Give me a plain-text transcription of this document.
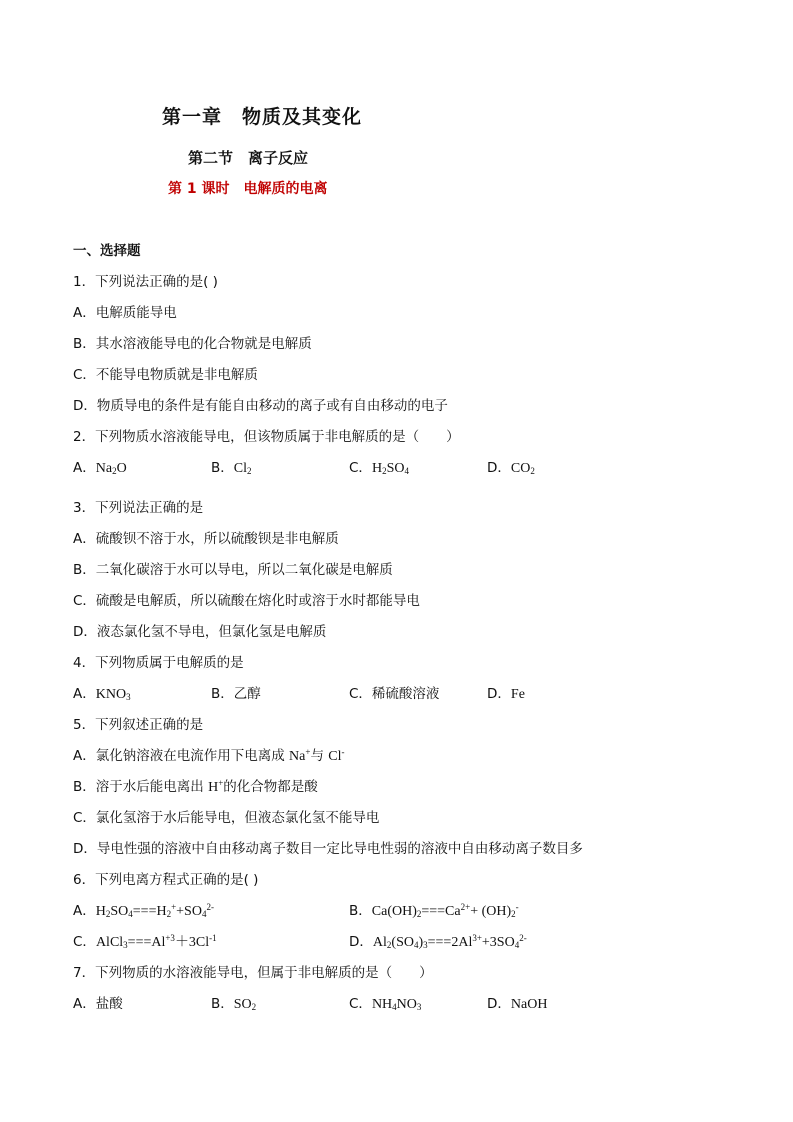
第一章　物质及其变化
第二节　离子反应
第 1 课时　电解质的电离
一、选择题
1．下列说法正确的是( )
A．电解质能导电
B．其水溶液能导电的化合物就是电解质
C．不能导电物质就是非电解质
D．物质导电的条件是有能自由移动的离子或有自由移动的电子
2．下列物质水溶液能导电，但该物质属于非电解质的是（　　）
A．$Na_2O$	B．$Cl_2$	C．$H_2SO_4$	D．$CO_2$
3．下列说法正确的是
A．硫酸钡不溶于水，所以硫酸钡是非电解质
B．二氧化碳溶于水可以导电，所以二氧化碳是电解质
C．硫酸是电解质，所以硫酸在熔化时或溶于水时都能导电
D．液态氯化氢不导电，但氯化氢是电解质
4．下列物质属于电解质的是
A．$KNO_3$	B．乙醇	C．稀硫酸溶液	D．Fe
5．下列叙述正确的是
A．氯化钠溶液在电流作用下电离成 Na+与 Cl-
B．溶于水后能电离出 H+的化合物都是酸
C．氯化氢溶于水后能导电，但液态氯化氢不能导电
D．导电性强的溶液中自由移动离子数目一定比导电性弱的溶液中自由移动离子数目多
6．下列电离方程式正确的是( )
A．$H_2SO_4===H_2^++SO_4^{2-}$	B．$Ca(OH)_2===Ca^{2+}+ (OH)_2^-$
C．$AlCl_3===Al^{+3}+3Cl^{-1}$	D．$Al_2(SO_4)_3===2Al^{3+}+3SO_4^{2-}$
7．下列物质的水溶液能导电，但属于非电解质的是（　　）
A．盐酸	B．$SO_2$	C．$NH_4NO_3$	D．NaOH
